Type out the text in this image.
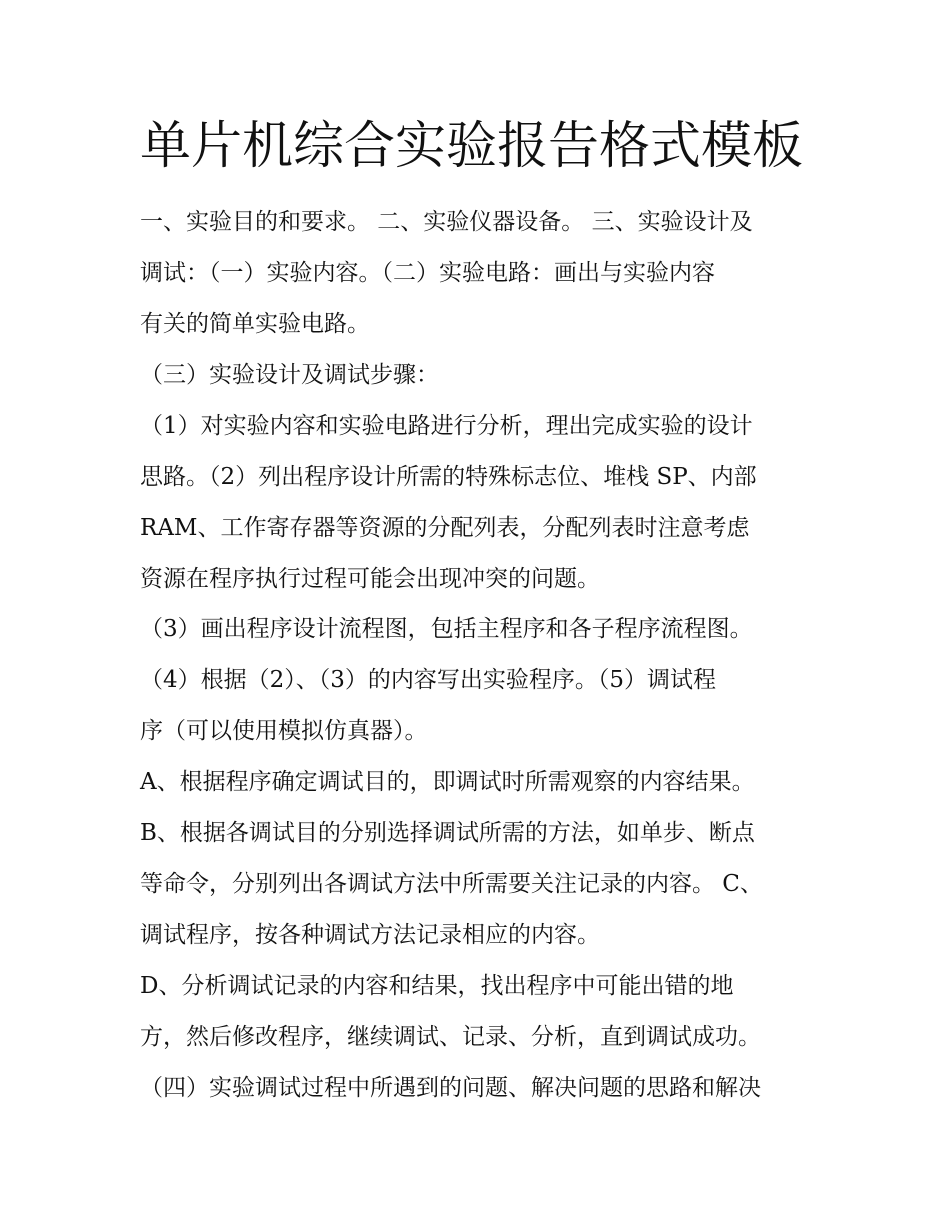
单片机综合实验报告格式模板
一、实验目的和要求。 二、实验仪器设备。 三、实验设计及
调试：（一）实验内容。（二）实验电路：画出与实验内容
有关的简单实验电路。
（三）实验设计及调试步骤：
（1）对实验内容和实验电路进行分析，理出完成实验的设计
思路。（2）列出程序设计所需的特殊标志位、堆栈 SP、内部
RAM、工作寄存器等资源的分配列表，分配列表时注意考虑
资源在程序执行过程可能会出现冲突的问题。
（3）画出程序设计流程图，包括主程序和各子程序流程图。
（4）根据（2）、（3）的内容写出实验程序。（5）调试程
序（可以使用模拟仿真器）。
A、根据程序确定调试目的，即调试时所需观察的内容结果。
B、根据各调试目的分别选择调试所需的方法，如单步、断点
等命令，分别列出各调试方法中所需要关注记录的内容。 C、
调试程序，按各种调试方法记录相应的内容。
D、分析调试记录的内容和结果，找出程序中可能出错的地
方，然后修改程序，继续调试、记录、分析，直到调试成功。
（四）实验调试过程中所遇到的问题、解决问题的思路和解决
